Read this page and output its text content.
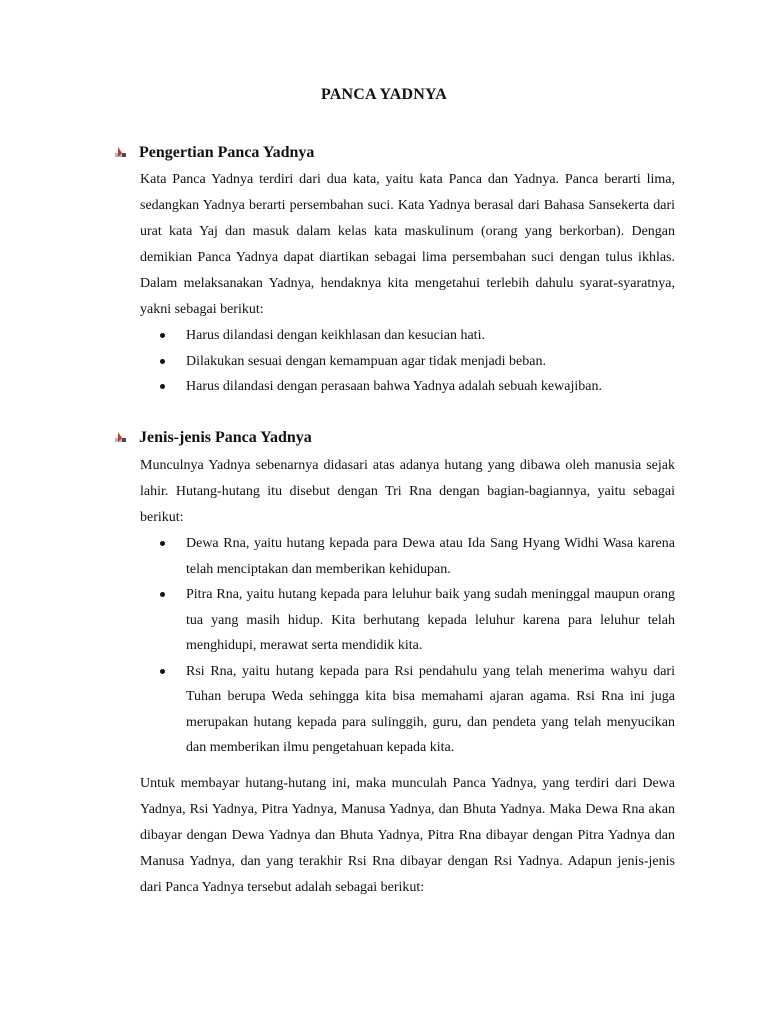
PANCA YADNYA
Pengertian Panca Yadnya
Kata Panca Yadnya terdiri dari dua kata, yaitu kata Panca dan Yadnya. Panca berarti lima, sedangkan Yadnya berarti persembahan suci. Kata Yadnya berasal dari Bahasa Sansekerta dari urat kata Yaj dan masuk dalam kelas kata maskulinum (orang yang berkorban). Dengan demikian Panca Yadnya dapat diartikan sebagai lima persembahan suci dengan tulus ikhlas. Dalam melaksanakan Yadnya, hendaknya kita mengetahui terlebih dahulu syarat-syaratnya, yakni sebagai berikut:
Harus dilandasi dengan keikhlasan dan kesucian hati.
Dilakukan sesuai dengan kemampuan agar tidak menjadi beban.
Harus dilandasi dengan perasaan bahwa Yadnya adalah sebuah kewajiban.
Jenis-jenis Panca Yadnya
Munculnya Yadnya sebenarnya didasari atas adanya hutang yang dibawa oleh manusia sejak lahir. Hutang-hutang itu disebut dengan Tri Rna dengan bagian-bagiannya, yaitu sebagai berikut:
Dewa Rna, yaitu hutang kepada para Dewa atau Ida Sang Hyang Widhi Wasa karena telah menciptakan dan memberikan kehidupan.
Pitra Rna, yaitu hutang kepada para leluhur baik yang sudah meninggal maupun orang tua yang masih hidup. Kita berhutang kepada leluhur karena para leluhur telah menghidupi, merawat serta mendidik kita.
Rsi Rna, yaitu hutang kepada para Rsi pendahulu yang telah menerima wahyu dari Tuhan berupa Weda sehingga kita bisa memahami ajaran agama. Rsi Rna ini juga merupakan hutang kepada para sulinggih, guru, dan pendeta yang telah menyucikan dan memberikan ilmu pengetahuan kepada kita.
Untuk membayar hutang-hutang ini, maka munculah Panca Yadnya, yang terdiri dari Dewa Yadnya, Rsi Yadnya, Pitra Yadnya, Manusa Yadnya, dan Bhuta Yadnya. Maka Dewa Rna akan dibayar dengan Dewa Yadnya dan Bhuta Yadnya, Pitra Rna dibayar dengan Pitra Yadnya dan Manusa Yadnya, dan yang terakhir Rsi Rna dibayar dengan Rsi Yadnya. Adapun jenis-jenis dari Panca Yadnya tersebut adalah sebagai berikut:
